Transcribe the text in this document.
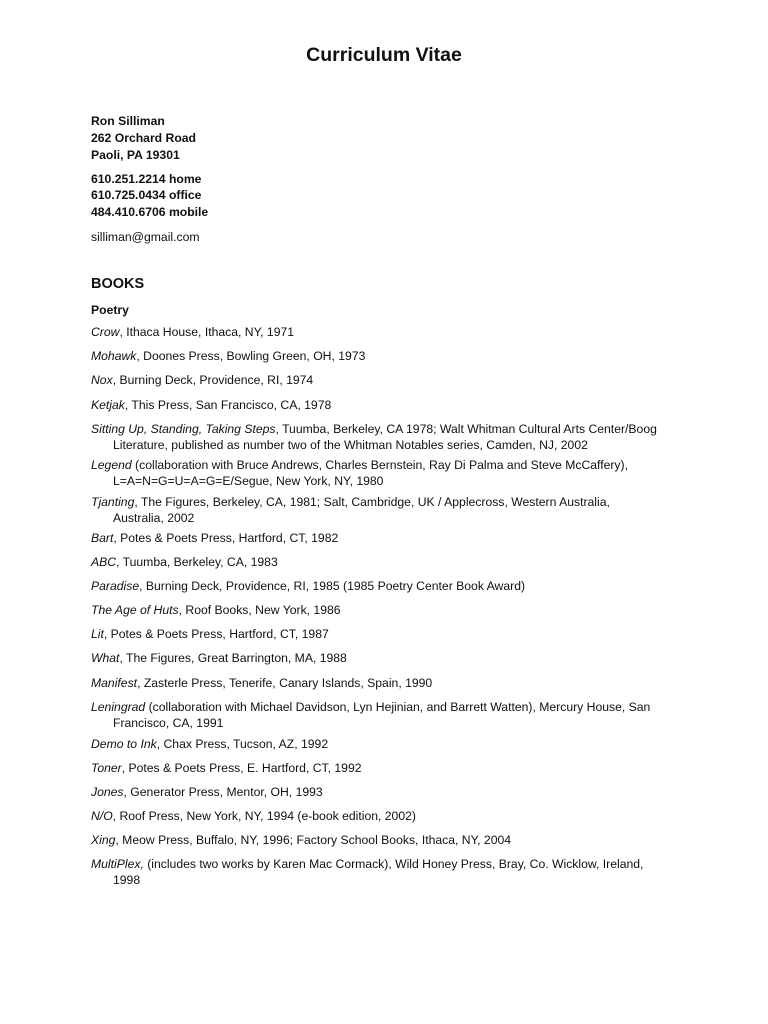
Curriculum Vitae
Ron Silliman
262 Orchard Road
Paoli, PA 19301
610.251.2214 home
610.725.0434 office
484.410.6706 mobile
silliman@gmail.com
BOOKS
Poetry
Crow, Ithaca House, Ithaca, NY, 1971
Mohawk, Doones Press, Bowling Green, OH, 1973
Nox, Burning Deck, Providence, RI, 1974
Ketjak, This Press, San Francisco, CA, 1978
Sitting Up, Standing, Taking Steps, Tuumba, Berkeley, CA 1978; Walt Whitman Cultural Arts Center/Boog
Literature, published as number two of the Whitman Notables series, Camden, NJ, 2002
Legend (collaboration with Bruce Andrews, Charles Bernstein, Ray Di Palma and Steve McCaffery),
L=A=N=G=U=A=G=E/Segue, New York, NY, 1980
Tjanting, The Figures, Berkeley, CA, 1981; Salt, Cambridge, UK / Applecross, Western Australia,
Australia, 2002
Bart, Potes & Poets Press, Hartford, CT, 1982
ABC, Tuumba, Berkeley, CA, 1983
Paradise, Burning Deck, Providence, RI, 1985 (1985 Poetry Center Book Award)
The Age of Huts, Roof Books, New York, 1986
Lit, Potes & Poets Press, Hartford, CT, 1987
What, The Figures, Great Barrington, MA, 1988
Manifest, Zasterle Press, Tenerife, Canary Islands, Spain, 1990
Leningrad (collaboration with Michael Davidson, Lyn Hejinian, and Barrett Watten), Mercury House, San
Francisco, CA, 1991
Demo to Ink, Chax Press, Tucson, AZ, 1992
Toner, Potes & Poets Press, E. Hartford, CT, 1992
Jones, Generator Press, Mentor, OH, 1993
N/O, Roof Press, New York, NY, 1994 (e-book edition, 2002)
Xing, Meow Press, Buffalo, NY, 1996; Factory School Books, Ithaca, NY, 2004
MultiPlex, (includes two works by Karen Mac Cormack), Wild Honey Press, Bray, Co. Wicklow, Ireland,
1998
